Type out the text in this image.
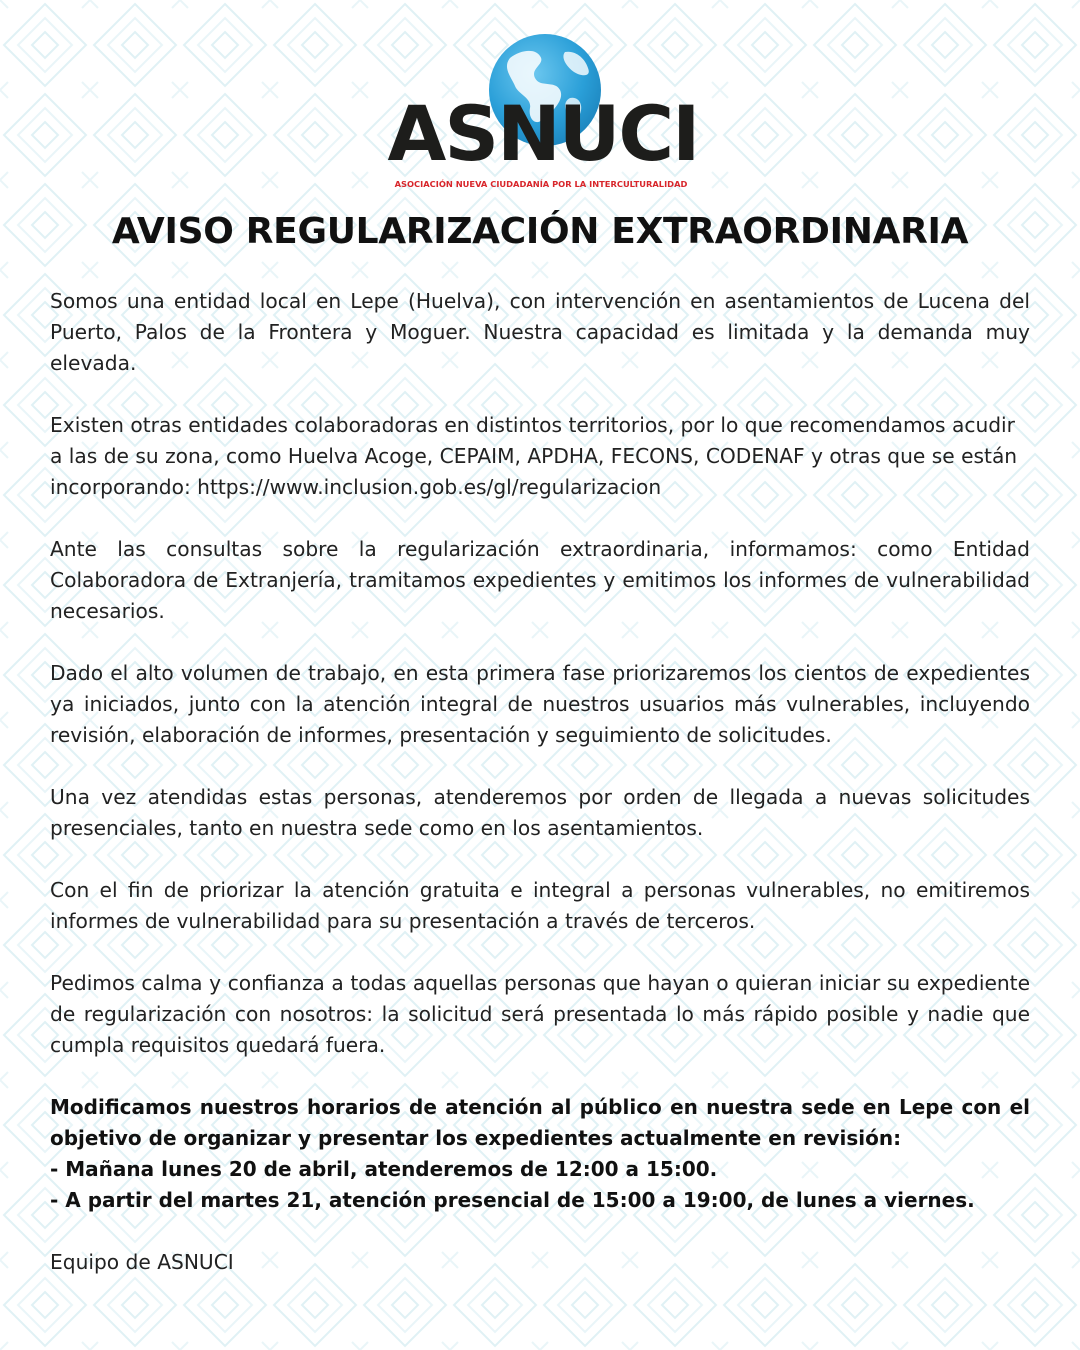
ASNUCI
ASOCIACIÓN NUEVA CIUDADANÍA POR LA INTERCULTURALIDAD
AVISO REGULARIZACIÓN EXTRAORDINARIA

Somos una entidad local en Lepe (Huelva), con intervención en asentamientos de Lucena del Puerto, Palos de la Frontera y Moguer. Nuestra capacidad es limitada y la demanda muy elevada.

Existen otras entidades colaboradoras en distintos territorios, por lo que recomendamos acudir a las de su zona, como Huelva Acoge, CEPAIM, APDHA, FECONS, CODENAF y otras que se están incorporando: https://www.inclusion.gob.es/gl/regularizacion

Ante las consultas sobre la regularización extraordinaria, informamos: como Entidad Colaboradora de Extranjería, tramitamos expedientes y emitimos los informes de vulnerabilidad necesarios.

Dado el alto volumen de trabajo, en esta primera fase priorizaremos los cientos de expedientes ya iniciados, junto con la atención integral de nuestros usuarios más vulnerables, incluyendo revisión, elaboración de informes, presentación y seguimiento de solicitudes.

Una vez atendidas estas personas, atenderemos por orden de llegada a nuevas solicitudes presenciales, tanto en nuestra sede como en los asentamientos.

Con el fin de priorizar la atención gratuita e integral a personas vulnerables, no emitiremos informes de vulnerabilidad para su presentación a través de terceros.

Pedimos calma y confianza a todas aquellas personas que hayan o quieran iniciar su expediente de regularización con nosotros: la solicitud será presentada lo más rápido posible y nadie que cumpla requisitos quedará fuera.

Modificamos nuestros horarios de atención al público en nuestra sede en Lepe con el objetivo de organizar y presentar los expedientes actualmente en revisión:
- Mañana lunes 20 de abril, atenderemos de 12:00 a 15:00.
- A partir del martes 21, atención presencial de 15:00 a 19:00, de lunes a viernes.

Equipo de ASNUCI
